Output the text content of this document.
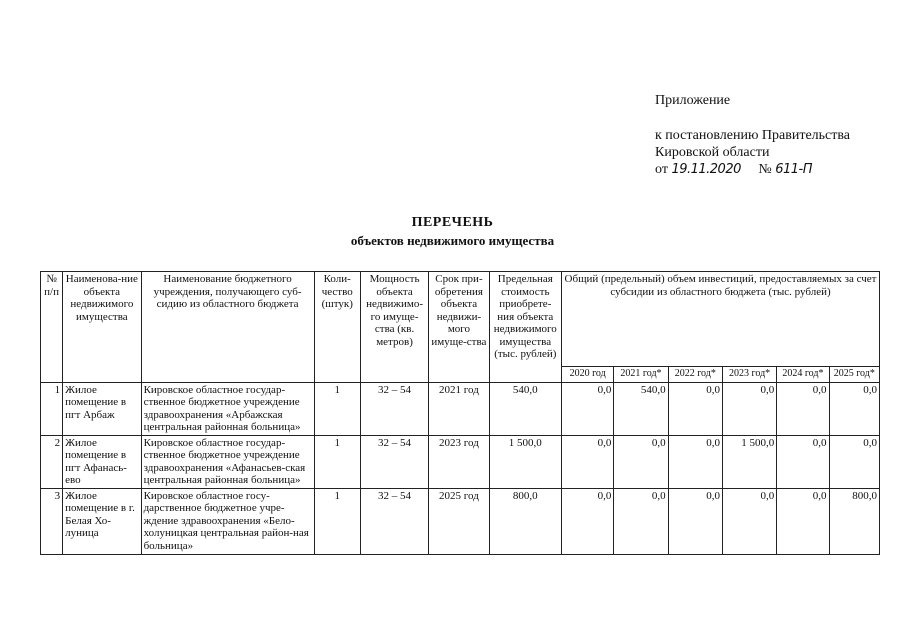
Приложение
к постановлению Правительства
Кировской области
от 19.11.2020 № 611-П
ПЕРЕЧЕНЬ
объектов недвижимого имущества
№ п/п	Наименова-ние объекта недвижимого имущества	Наименование бюджетного учреждения, получающего суб-сидию из областного бюджета	Коли-чество (штук)	Мощность объекта недвижимо-го имуще-ства (кв. метров)	Срок при-обретения объекта недвижи-мого имуще-ства	Предельная стоимость приобрете-ния объекта недвижимого имущества (тыс. рублей)	Общий (предельный) объем инвестиций, предоставляемых за счет субсидии из областного бюджета (тыс. рублей)					
							2020 год	2021 год*	2022 год*	2023 год*	2024 год*	2025 год*
1	Жилое помещение в пгт Арбаж	Кировское областное государ-ственное бюджетное учреждение здравоохранения «Арбажская центральная районная больница»	1	32 – 54	2021 год	540,0	0,0	540,0	0,0	0,0	0,0	0,0
2	Жилое помещение в пгт Афанась-ево	Кировское областное государ-ственное бюджетное учреждение здравоохранения «Афанасьев-ская центральная районная больница»	1	32 – 54	2023 год	1 500,0	0,0	0,0	0,0	1 500,0	0,0	0,0
3	Жилое помещение в г. Белая Хо-луница	Кировское областное госу-дарственное бюджетное учре-ждение здравоохранения «Бело-холуницкая центральная район-ная больница»	1	32 – 54	2025 год	800,0	0,0	0,0	0,0	0,0	0,0	800,0
